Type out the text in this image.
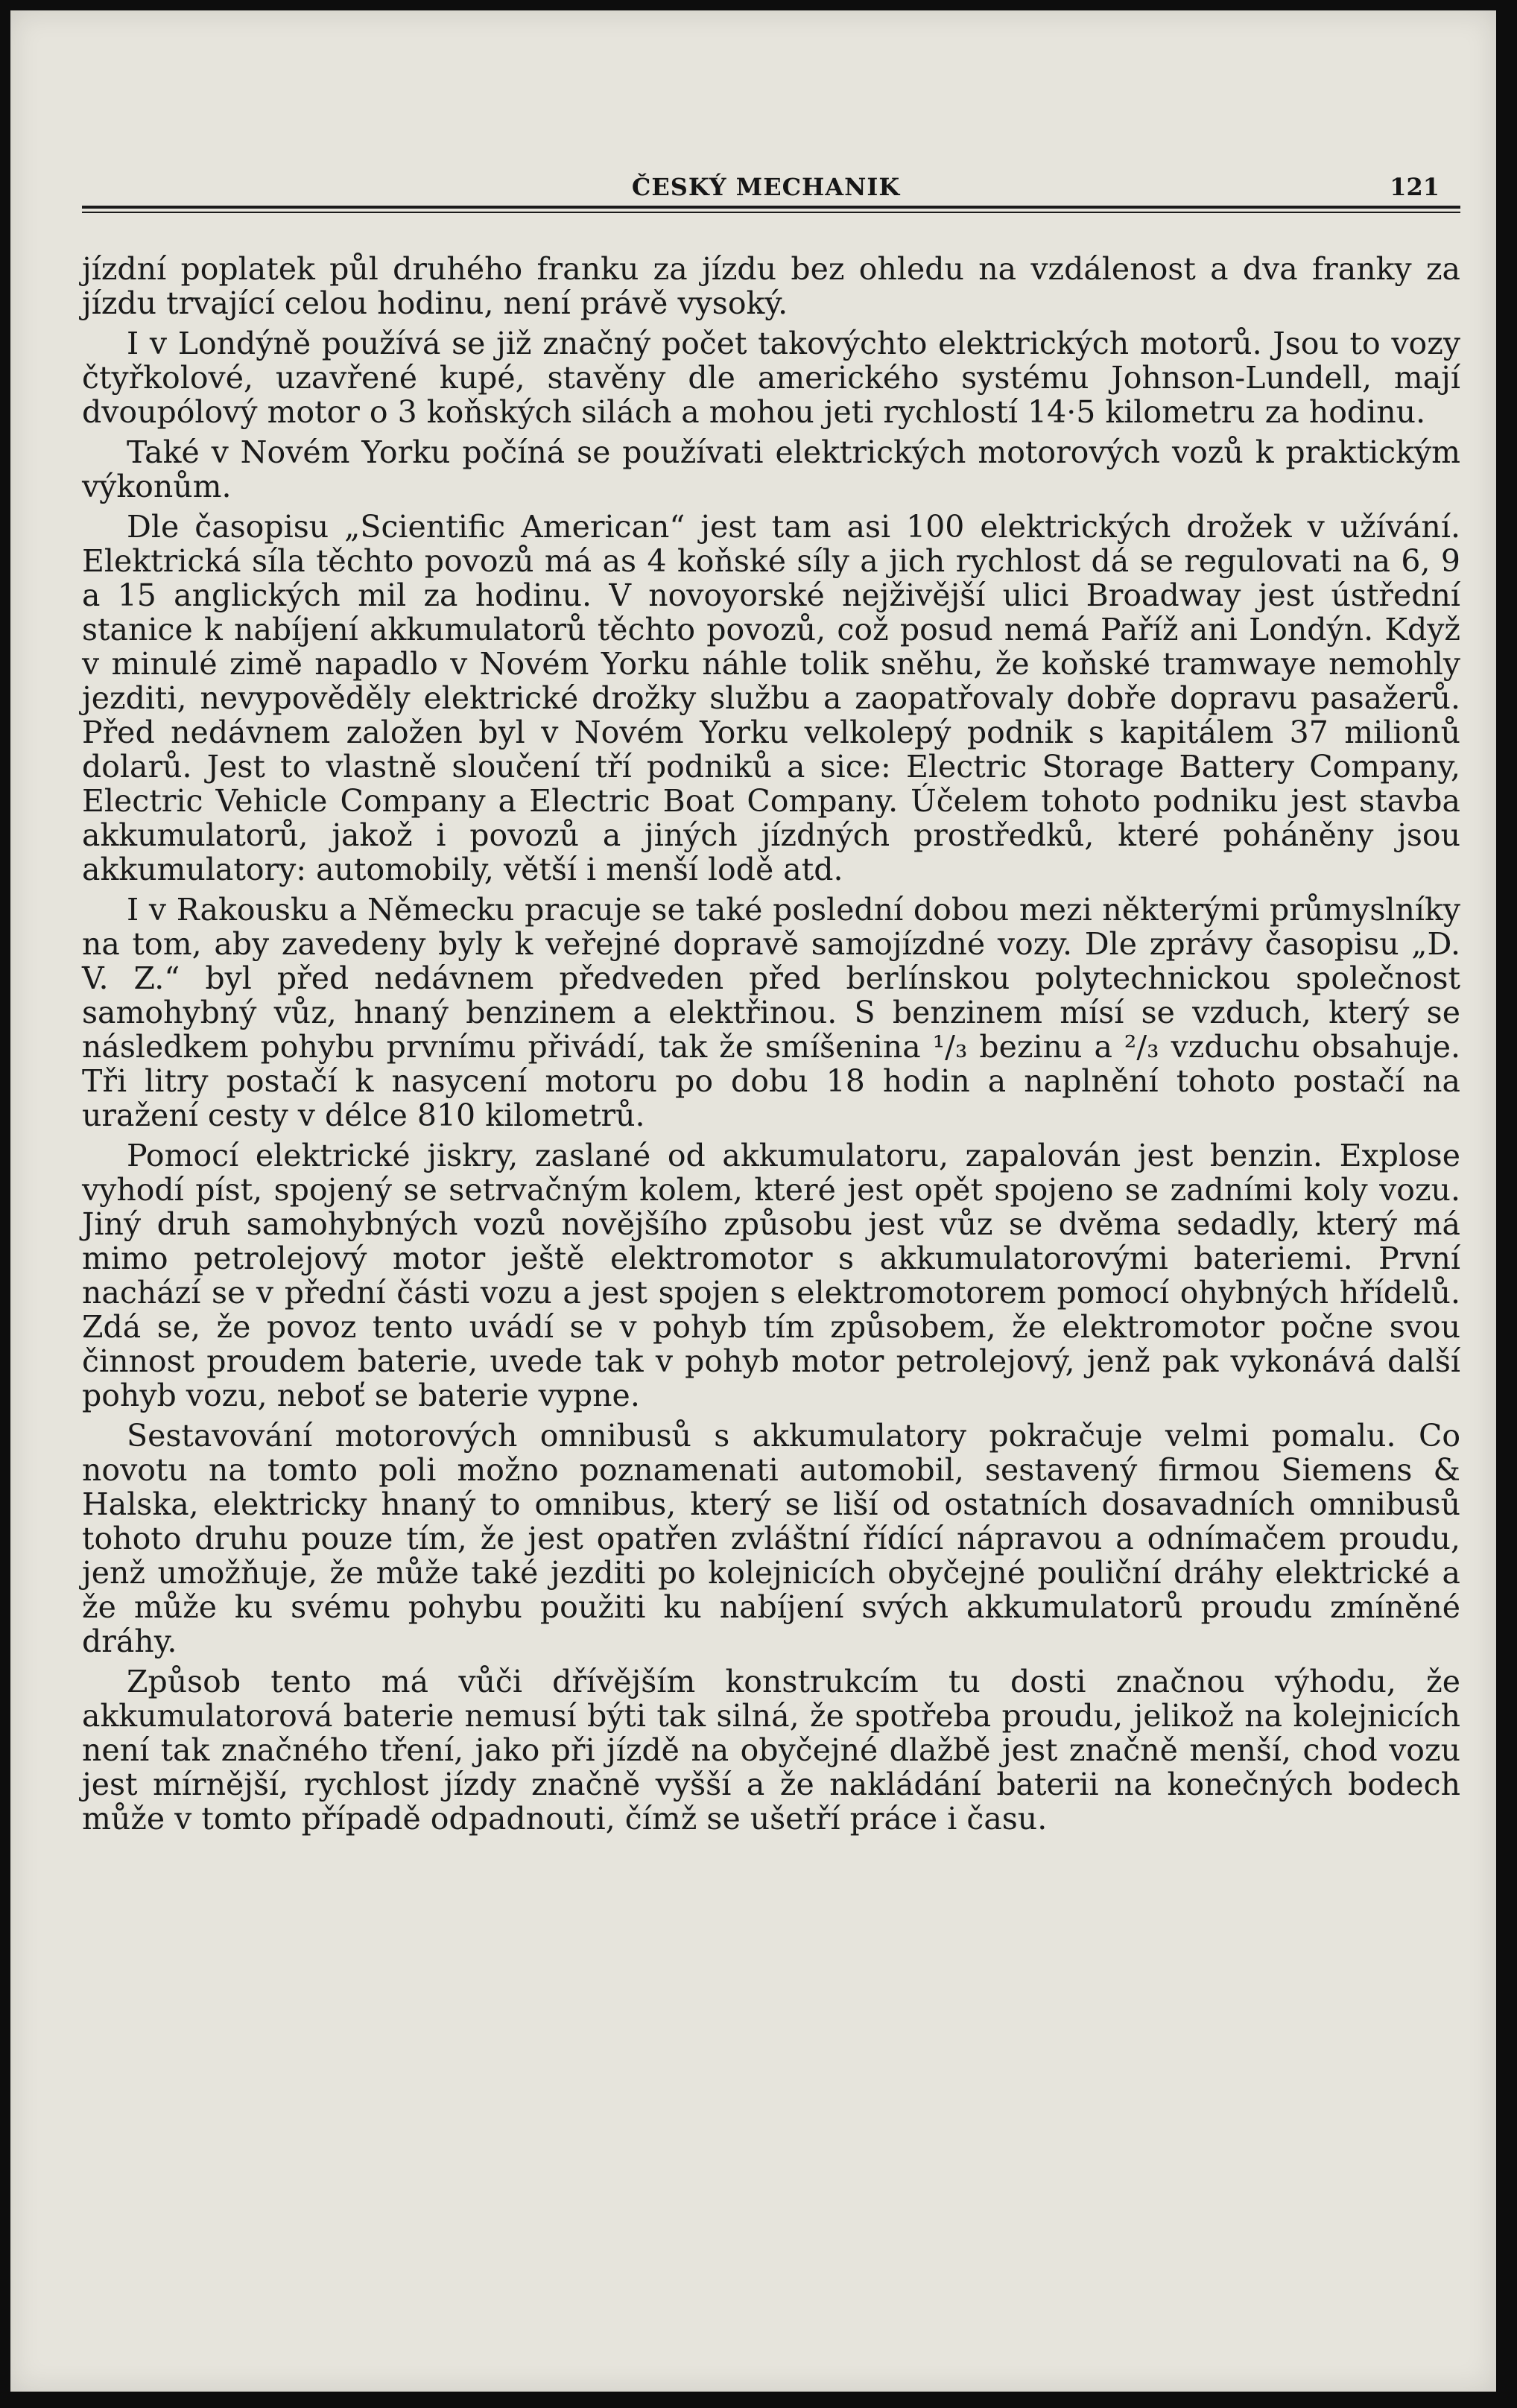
ČESKÝ MECHANIK	121

jízdní poplatek půl druhého franku za jízdu bez ohledu na vzdálenost a dva franky za jízdu trvající celou hodinu, není právě vysoký.

I v Londýně používá se již značný počet takovýchto elektrických motorů. Jsou to vozy čtyřkolové, uzavřené kupé, stavěny dle amerického systému Johnson-Lundell, mají dvoupólový motor o 3 koňských silách a mohou jeti rychlostí 14·5 kilometru za hodinu.

Také v Novém Yorku počíná se používati elektrických motorových vozů k praktickým výkonům.

Dle časopisu „Scientific American“ jest tam asi 100 elektrických drožek v užívání. Elektrická síla těchto povozů má as 4 koňské síly a jich rychlost dá se regulovati na 6, 9 a 15 anglických mil za hodinu. V novoyorské nejživější ulici Broadway jest ústřední stanice k nabíjení akkumulatorů těchto povozů, což posud nemá Paříž ani Londýn. Když v minulé zimě napadlo v Novém Yorku náhle tolik sněhu, že koňské tramwaye nemohly jezditi, nevypověděly elektrické drožky službu a zaopatřovaly dobře dopravu pasažerů. Před nedávnem založen byl v Novém Yorku velkolepý podnik s kapitálem 37 milionů dolarů. Jest to vlastně sloučení tří podniků a sice: Electric Storage Battery Company, Electric Vehicle Company a Electric Boat Company. Účelem tohoto podniku jest stavba akkumulatorů, jakož i povozů a jiných jízdných prostředků, které poháněny jsou akkumulatory: automobily, větší i menší lodě atd.

I v Rakousku a Německu pracuje se také poslední dobou mezi některými průmyslníky na tom, aby zavedeny byly k veřejné dopravě samojízdné vozy. Dle zprávy časopisu „D. V. Z.“ byl před nedávnem předveden před berlínskou polytechnickou společnost samohybný vůz, hnaný benzinem a elektřinou. S benzinem mísí se vzduch, který se následkem pohybu prvnímu přivádí, tak že smíšenina ¹/₃ bezinu a ²/₃ vzduchu obsahuje. Tři litry postačí k nasycení motoru po dobu 18 hodin a naplnění tohoto postačí na uražení cesty v délce 810 kilometrů.

Pomocí elektrické jiskry, zaslané od akkumulatoru, zapalován jest benzin. Explose vyhodí píst, spojený se setrvačným kolem, které jest opět spojeno se zadními koly vozu. Jiný druh samohybných vozů novějšího způsobu jest vůz se dvěma sedadly, který má mimo petrolejový motor ještě elektromotor s akkumulatorovými bateriemi. První nachází se v přední části vozu a jest spojen s elektromotorem pomocí ohybných hřídelů. Zdá se, že povoz tento uvádí se v pohyb tím způsobem, že elektromotor počne svou činnost proudem baterie, uvede tak v pohyb motor petrolejový, jenž pak vykonává další pohyb vozu, neboť se baterie vypne.

Sestavování motorových omnibusů s akkumulatory pokračuje velmi pomalu. Co novotu na tomto poli možno poznamenati automobil, sestavený firmou Siemens & Halska, elektricky hnaný to omnibus, který se liší od ostatních dosavadních omnibusů tohoto druhu pouze tím, že jest opatřen zvláštní řídící nápravou a odnímačem proudu, jenž umožňuje, že může také jezditi po kolejnicích obyčejné pouliční dráhy elektrické a že může ku svému pohybu použiti ku nabíjení svých akkumulatorů proudu zmíněné dráhy.

Způsob tento má vůči dřívějším konstrukcím tu dosti značnou výhodu, že akkumulatorová baterie nemusí býti tak silná, že spotřeba proudu, jelikož na kolejnicích není tak značného tření, jako při jízdě na obyčejné dlažbě jest značně menší, chod vozu jest mírnější, rychlost jízdy značně vyšší a že nakládání baterii na konečných bodech může v tomto případě odpadnouti, čímž se ušetří práce i času.
